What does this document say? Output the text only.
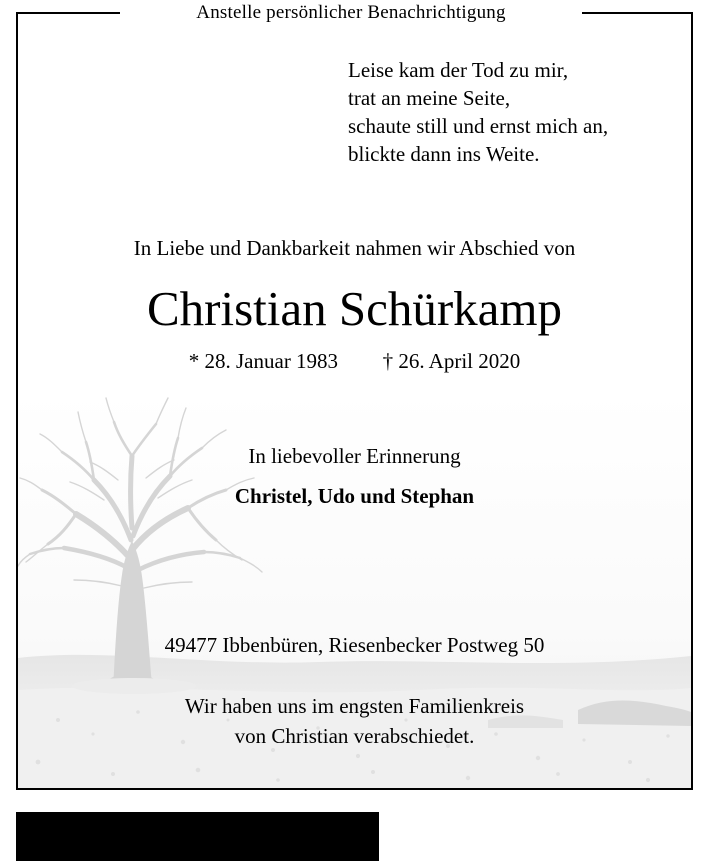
Anstelle persönlicher Benachrichtigung
Leise kam der Tod zu mir,
trat an meine Seite,
schaute still und ernst mich an,
blickte dann ins Weite.
In Liebe und Dankbarkeit nahmen wir Abschied von
Christian Schürkamp
* 28. Januar 1983 † 26. April 2020
In liebevoller Erinnerung
Christel, Udo und Stephan
49477 Ibbenbüren, Riesenbecker Postweg 50
Wir haben uns im engsten Familienkreis
von Christian verabschiedet.
